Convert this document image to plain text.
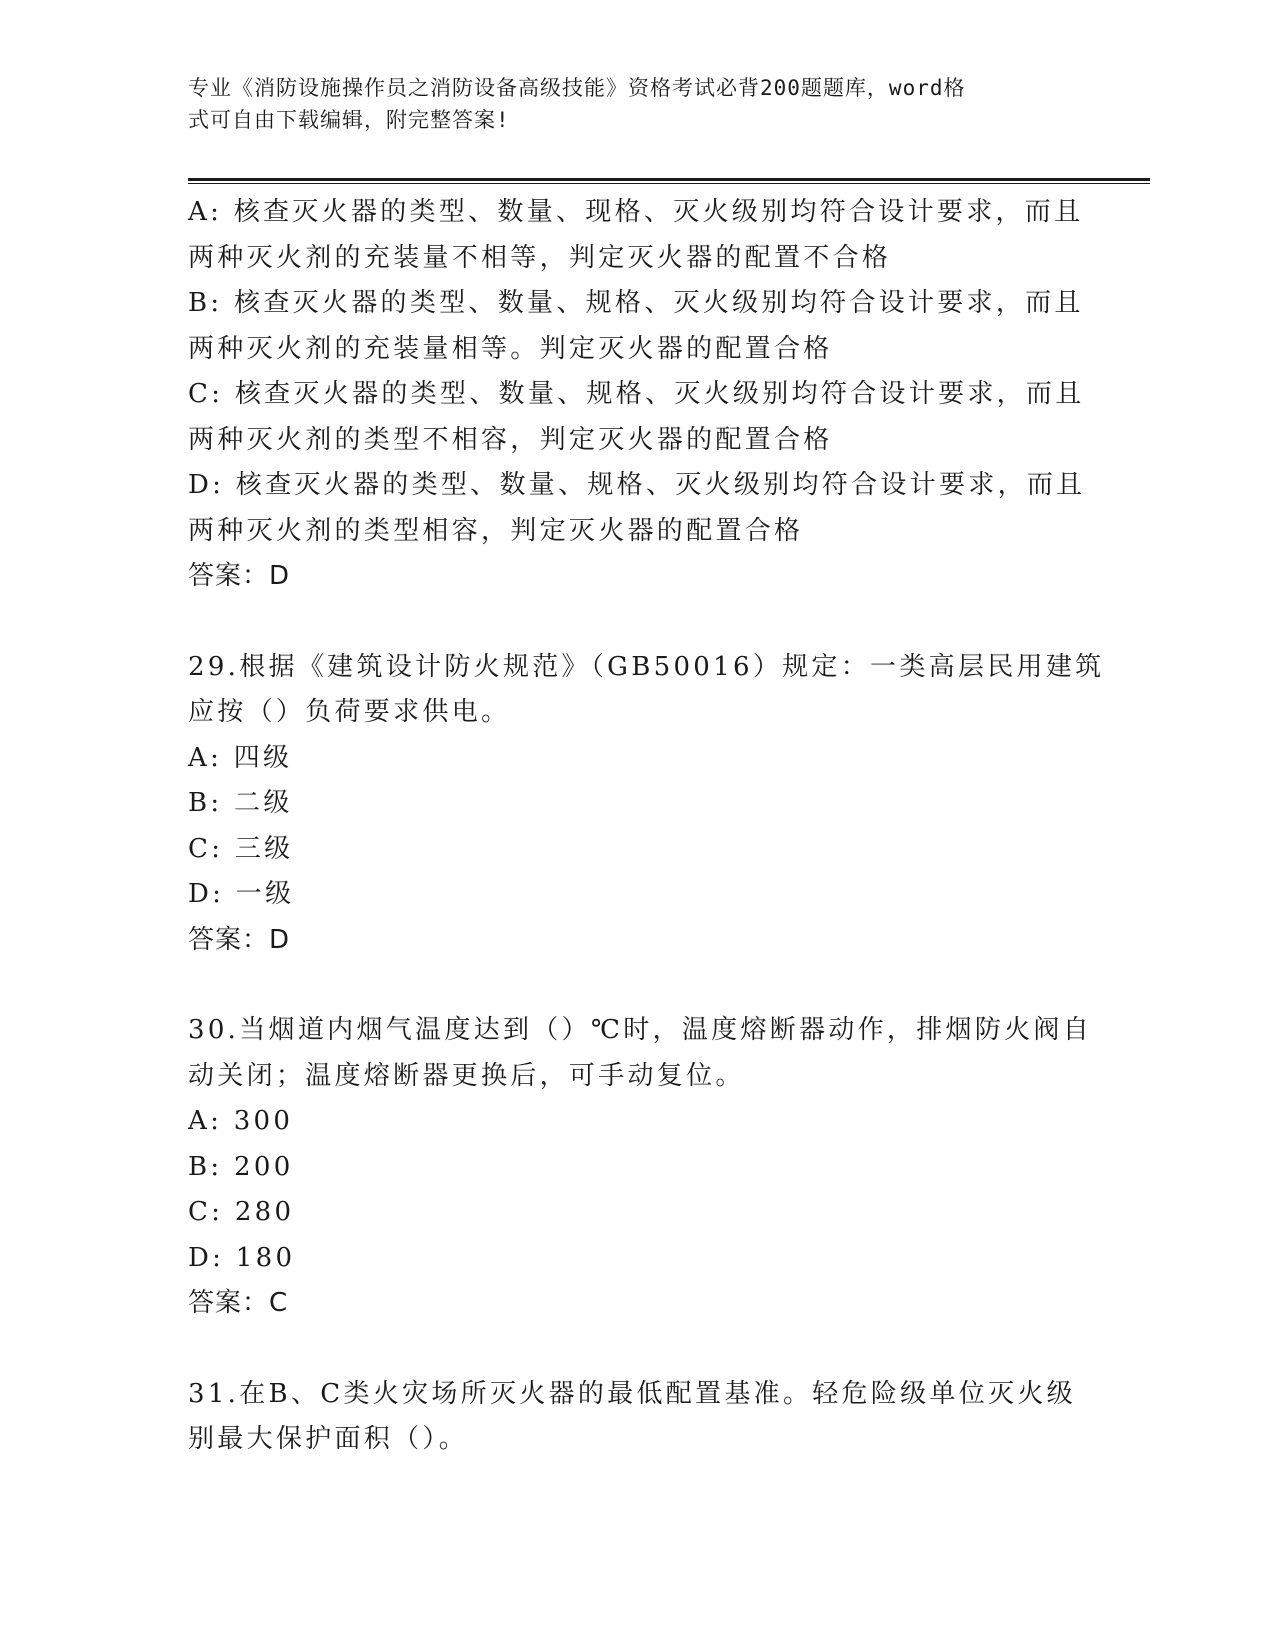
专业《消防设施操作员之消防设备高级技能》资格考试必背200题题库，word格
式可自由下载编辑，附完整答案!
A: 核查灭火器的类型、数量、现格、灭火级别均符合设计要求，而且
两种灭火剂的充装量不相等，判定灭火器的配置不合格
B: 核查灭火器的类型、数量、规格、灭火级别均符合设计要求，而且
两种灭火剂的充装量相等。判定灭火器的配置合格
C: 核查灭火器的类型、数量、规格、灭火级别均符合设计要求，而且
两种灭火剂的类型不相容，判定灭火器的配置合格
D: 核查灭火器的类型、数量、规格、灭火级别均符合设计要求，而且
两种灭火剂的类型相容，判定灭火器的配置合格
答案：D
29.根据《建筑设计防火规范》（GB50016）规定：一类高层民用建筑
应按（）负荷要求供电。
A: 四级
B: 二级
C: 三级
D: 一级
答案：D
30.当烟道内烟气温度达到（）℃时，温度熔断器动作，排烟防火阀自
动关闭；温度熔断器更换后，可手动复位。
A: 300
B: 200
C: 280
D: 180
答案：C
31.在B、C类火灾场所灭火器的最低配置基准。轻危险级单位灭火级
别最大保护面积（）。
